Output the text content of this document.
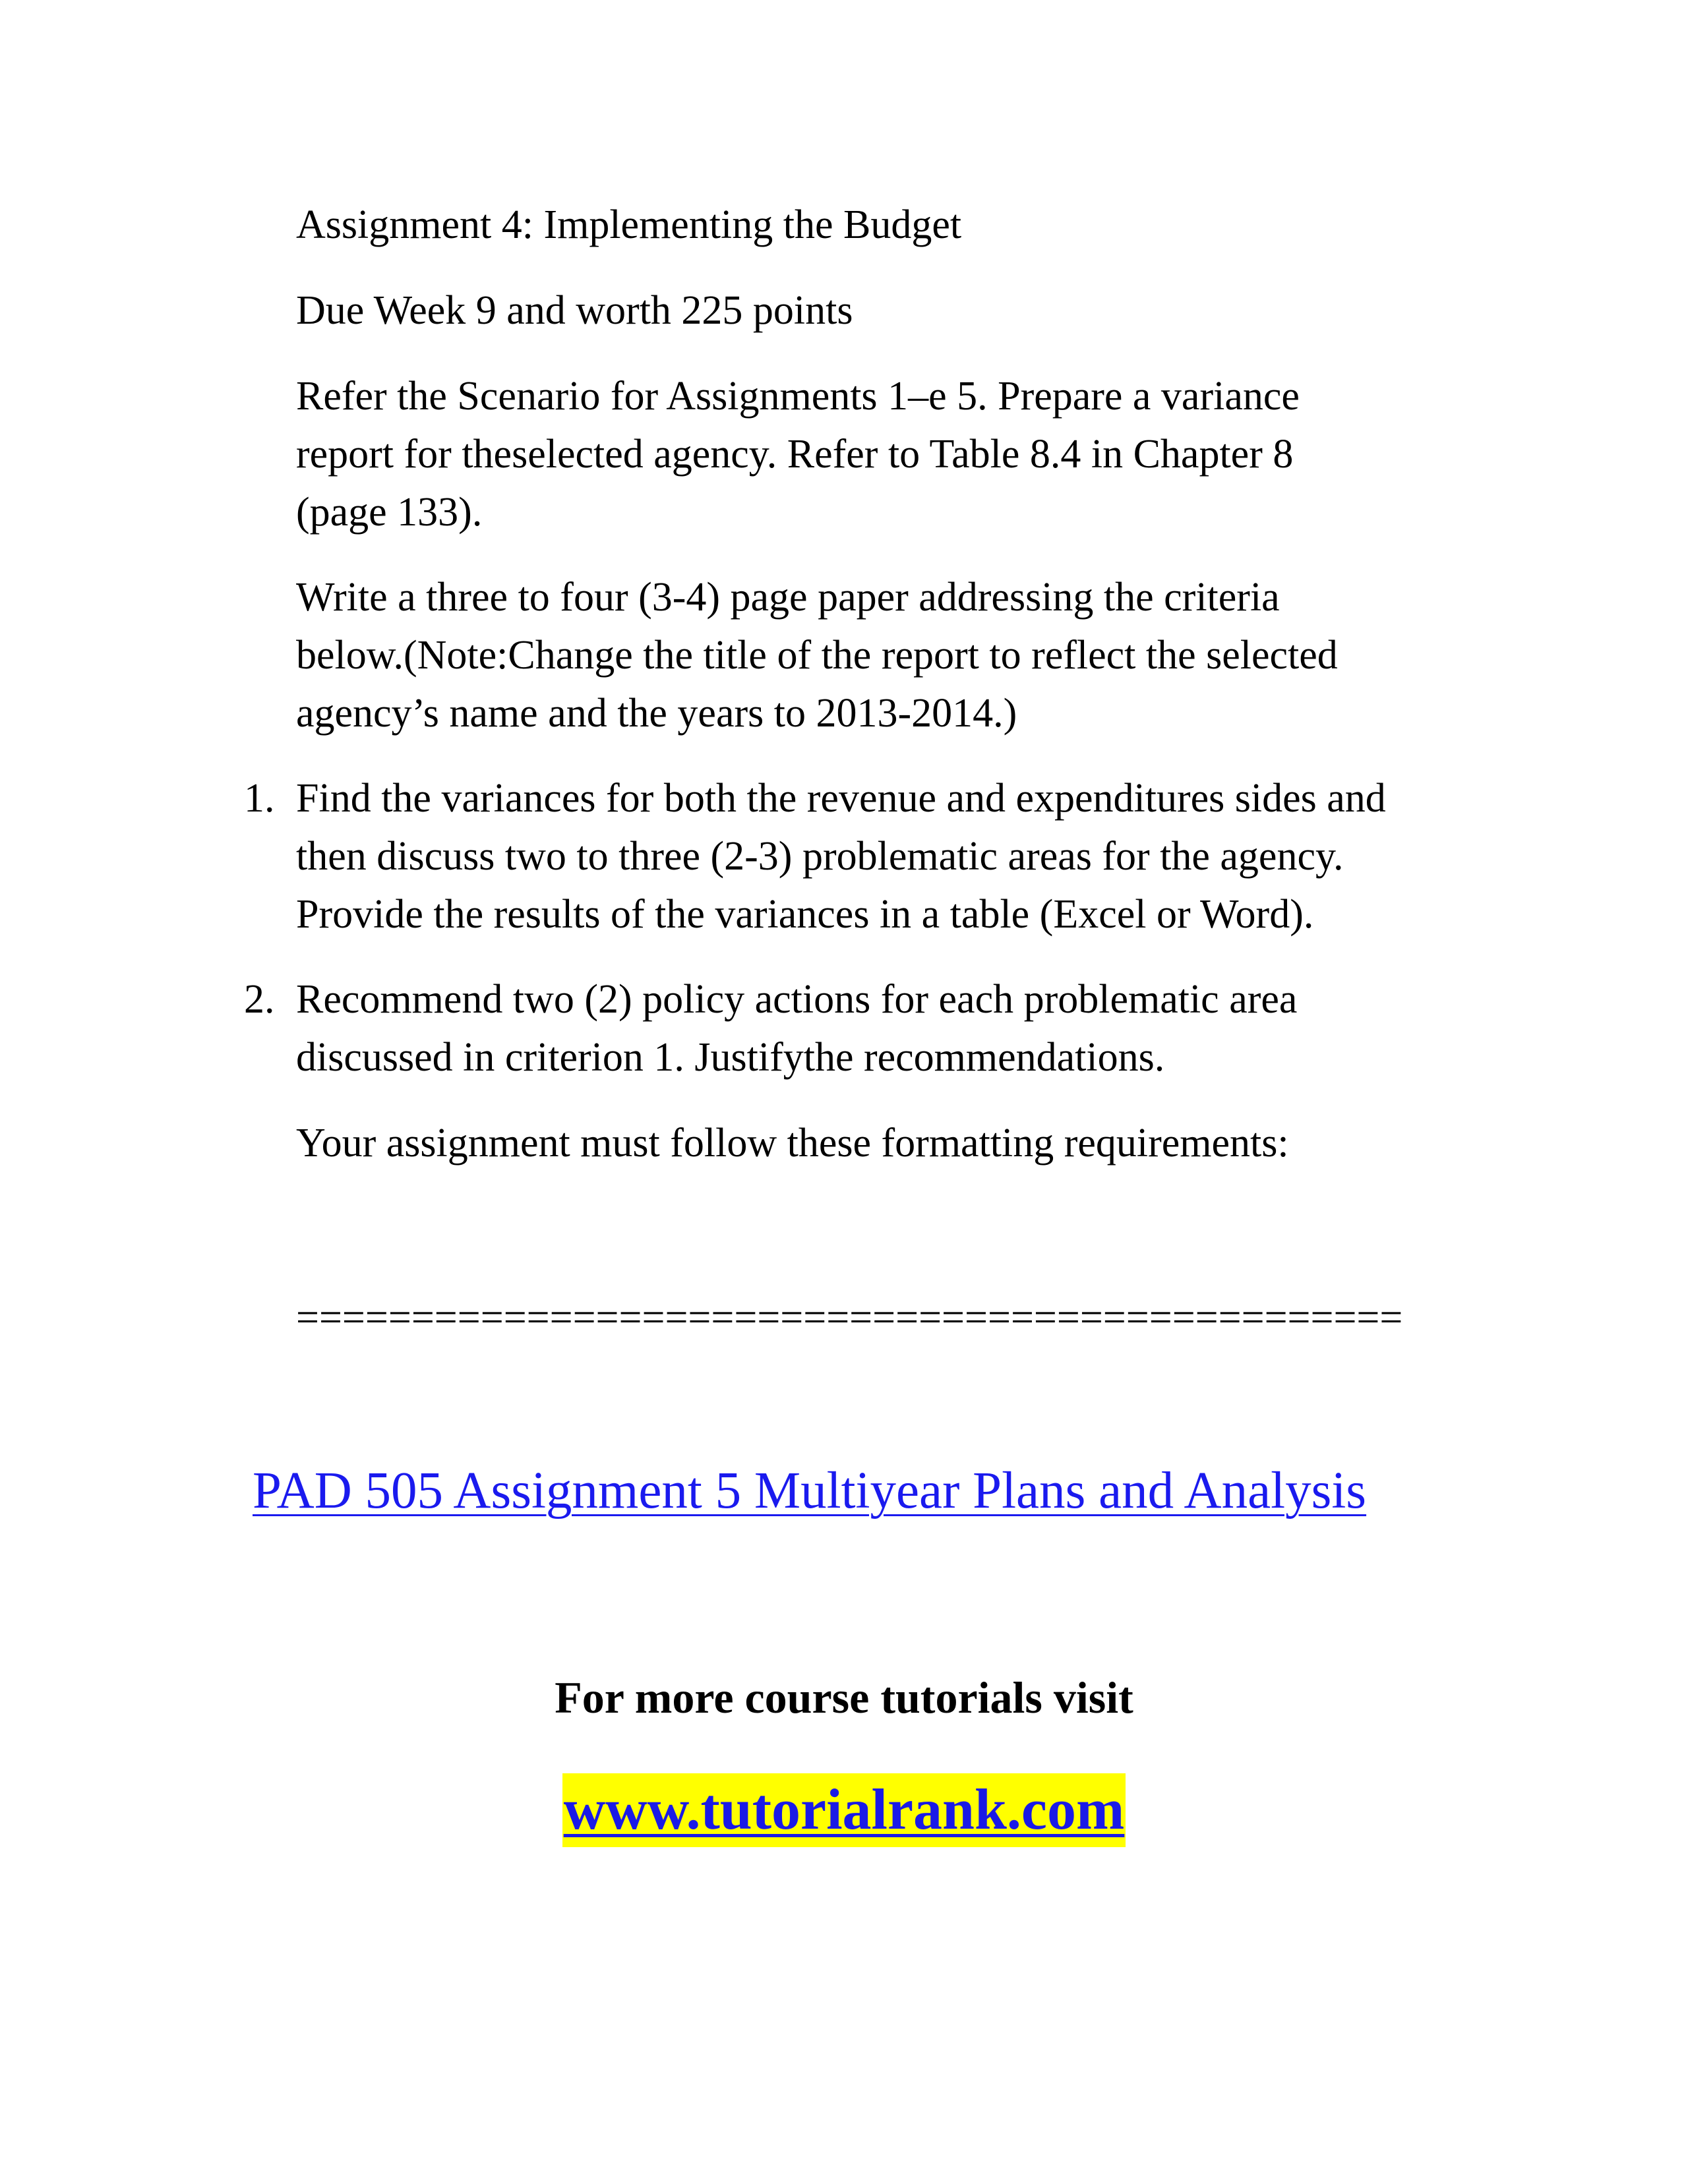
Assignment 4: Implementing the Budget

Due Week 9 and worth 225 points

Refer the Scenario for Assignments 1–e 5. Prepare a variance
report for theselected agency. Refer to Table 8.4 in Chapter 8
(page 133).

Write a three to four (3-4) page paper addressing the criteria
below.(Note:Change the title of the report to reflect the selected
agency’s name and the years to 2013-2014.)

1. Find the variances for both the revenue and expenditures sides and
then discuss two to three (2-3) problematic areas for the agency.
Provide the results of the variances in a table (Excel or Word).
2. Recommend two (2) policy actions for each problematic area
discussed in criterion 1. Justifythe recommendations.

Your assignment must follow these formatting requirements:

================================================

PAD 505 Assignment 5 Multiyear Plans and Analysis
For more course tutorials visit
www.tutorialrank.com
